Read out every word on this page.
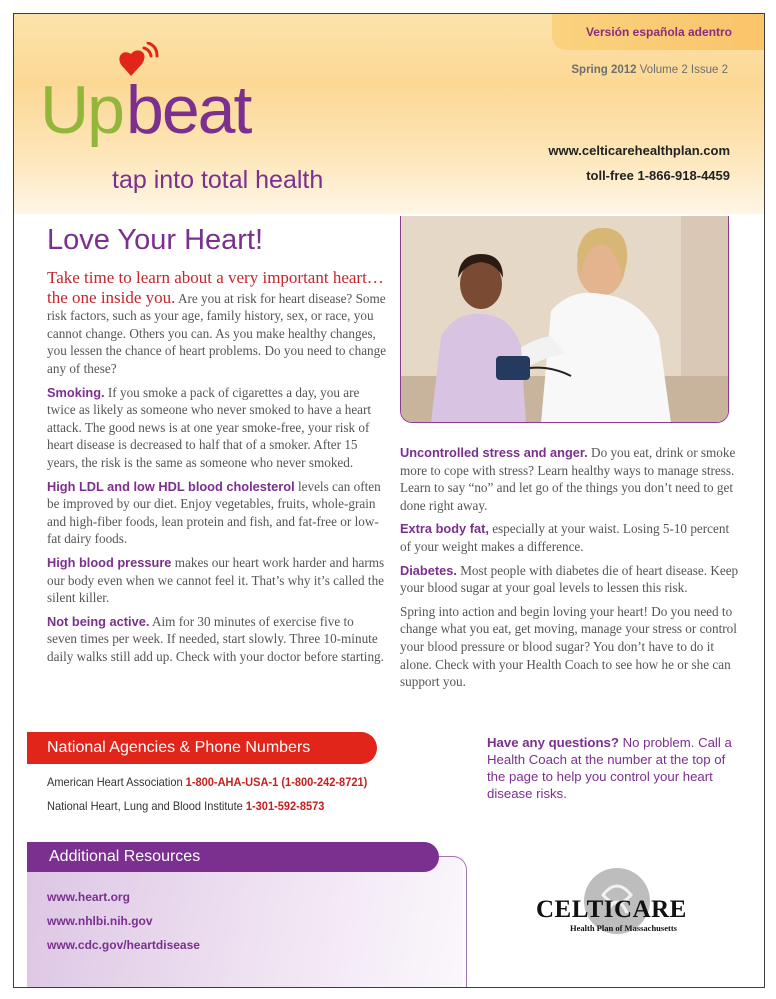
Versión española adentro
Spring 2012 Volume 2 Issue 2
www.celticarehealthplan.com
toll-free 1-866-918-4459
Up beat
tap into total health
Love Your Heart!

Take time to learn about a very important heart…the one inside you. Are you at risk for heart disease? Some risk factors, such as your age, family history, sex, or race, you cannot change. Others you can. As you make healthy changes, you lessen the chance of heart problems. Do you need to change any of these?

Smoking. If you smoke a pack of cigarettes a day, you are twice as likely as someone who never smoked to have a heart attack. The good news is at one year smoke-free, your risk of heart disease is decreased to half that of a smoker. After 15 years, the risk is the same as someone who never smoked.

High LDL and low HDL blood cholesterol levels can often be improved by our diet. Enjoy vegetables, fruits, whole-grain and high-fiber foods, lean protein and fish, and fat-free or low-fat dairy foods.

High blood pressure makes our heart work harder and harms our body even when we cannot feel it. That’s why it’s called the silent killer.

Not being active. Aim for 30 minutes of exercise five to seven times per week. If needed, start slowly. Three 10-minute daily walks still add up. Check with your doctor before starting.

Uncontrolled stress and anger. Do you eat, drink or smoke more to cope with stress? Learn healthy ways to manage stress. Learn to say “no” and let go of the things you don’t need to get done right away.

Extra body fat, especially at your waist. Losing 5-10 percent of your weight makes a difference.

Diabetes. Most people with diabetes die of heart disease. Keep your blood sugar at your goal levels to lessen this risk.

Spring into action and begin loving your heart! Do you need to change what you eat, get moving, manage your stress or control your blood pressure or blood sugar? You don’t have to do it alone. Check with your Health Coach to see how he or she can support you.

National Agencies & Phone Numbers
American Heart Association 1-800-AHA-USA-1 (1-800-242-8721)
National Heart, Lung and Blood Institute 1-301-592-8573
Have any questions? No problem. Call a Health Coach at the number at the top of the page to help you control your heart disease risks.
Additional Resources
www.heart.org
www.nhlbi.nih.gov
www.cdc.gov/heartdisease
CELTICARE
Health Plan of Massachusetts
